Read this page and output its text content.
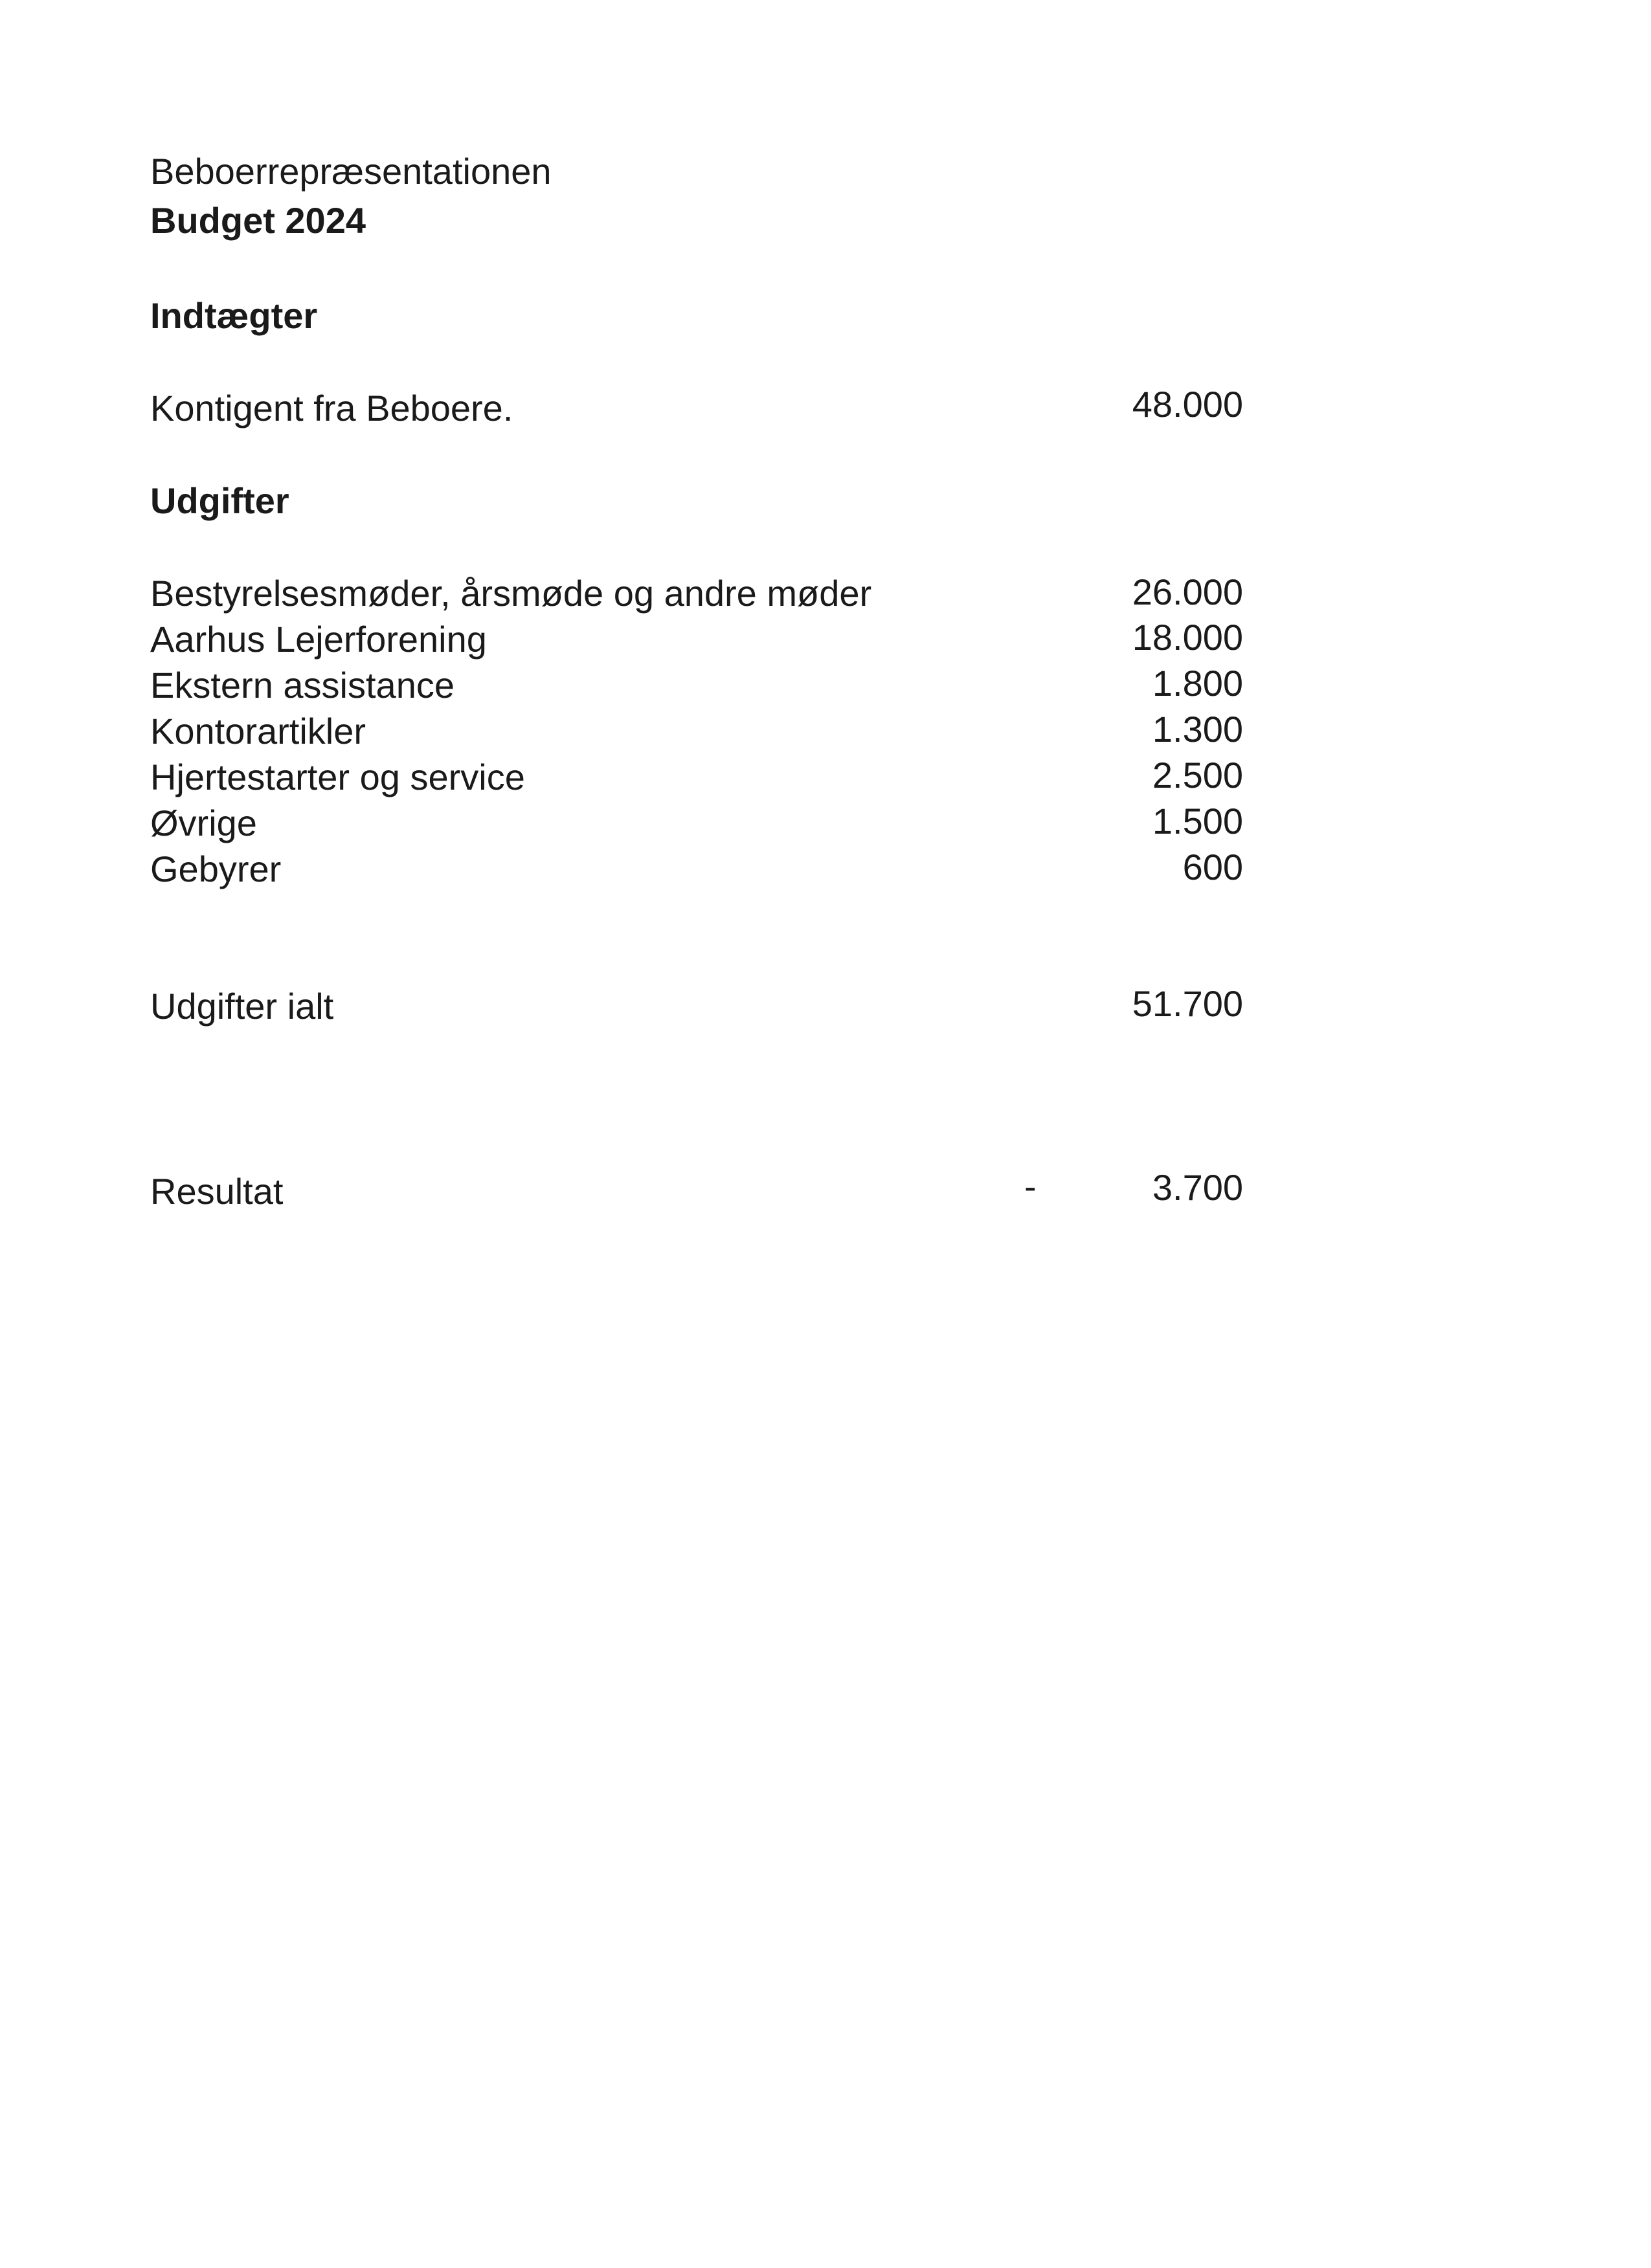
Beboerrepræsentationen
Budget 2024
Indtægter
Kontigent fra Beboere.	48.000
Udgifter
Bestyrelsesmøder, årsmøde og andre møder	26.000
Aarhus Lejerforening	18.000
Ekstern assistance	1.800
Kontorartikler	1.300
Hjertestarter og service	2.500
Øvrige	1.500
Gebyrer	600
Udgifter ialt	51.700
Resultat	-	3.700
